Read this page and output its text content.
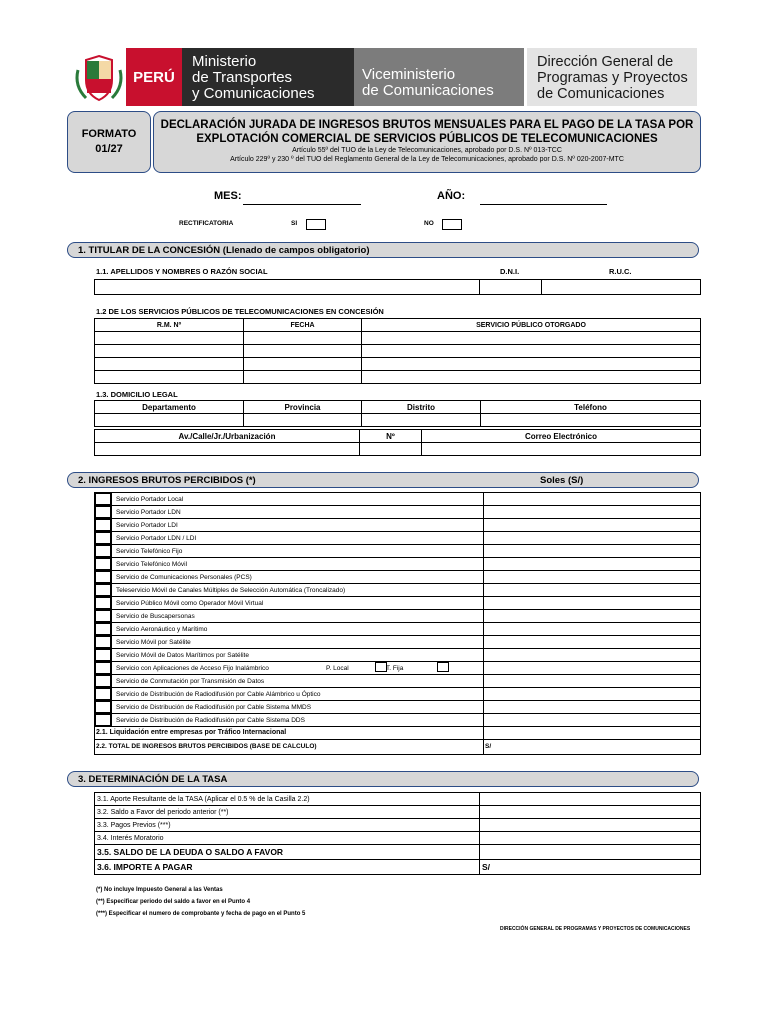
PERÚ
Ministerio
de Transportes
y Comunicaciones
Viceministerio
de Comunicaciones
Dirección General de
Programas y Proyectos
de Comunicaciones
FORMATO
01/27
DECLARACIÓN JURADA DE INGRESOS BRUTOS MENSUALES PARA EL PAGO DE LA TASA POR
EXPLOTACIÓN COMERCIAL DE SERVICIOS PÚBLICOS DE TELECOMUNICACIONES
Artículo 55º del TUO de la Ley de Telecomunicaciones, aprobado por D.S. Nº 013-TCC
Artículo 229º y 230 º del TUO del Reglamento General de la Ley de Telecomunicaciones, aprobado por D.S. Nº 020-2007-MTC
MES:	AÑO:
RECTIFICATORIA	SI	NO
1. TITULAR DE LA CONCESIÓN (Llenado de campos obligatorio)
1.1. APELLIDOS Y NOMBRES O RAZÓN SOCIAL	D.N.I.	R.U.C.

1.2 DE LOS SERVICIOS PÚBLICOS DE TELECOMUNICACIONES EN CONCESIÓN
R.M. Nº	FECHA	SERVICIO PÚBLICO OTORGADO

1.3. DOMICILIO LEGAL
Departamento	Provincia	Distrito	Teléfono

Av./Calle/Jr./Urbanización	Nº	Correo Electrónico

2. INGRESOS BRUTOS PERCIBIDOS (*)	Soles (S/)
	Servicio Portador Local	
	Servicio Portador LDN	
	Servicio Portador LDI	
	Servicio Portador LDN / LDI	
	Servicio Telefónico Fijo	
	Servicio Telefónico Móvil	
	Servicio de Comunicaciones Personales (PCS)	
	Teleservicio Móvil de Canales Múltiples de Selección Automática (Troncalizado)	
	Servicio Público Móvil como Operador Móvil Virtual	
	Servicio de Buscapersonas	
	Servicio Aeronáutico y Marítimo	
	Servicio Móvil por Satélite	
	Servicio Móvil de Datos Marítimos por Satélite	
	Servicio con Aplicaciones de Acceso Fijo Inalámbrico P. Local T. Fija	

	Servicio de Conmutación por Transmisión de Datos	
	Servicio de Distribución de Radiodifusión por Cable Alámbrico u Óptico	
	Servicio de Distribución de Radiodifusión por Cable Sistema MMDS	
	Servicio de Distribución de Radiodifusión por Cable Sistema DDS	
2.1. Liquidación entre empresas por Tráfico Internacional		
2.2. TOTAL DE INGRESOS BRUTOS PERCIBIDOS (BASE DE CALCULO)		S/
3. DETERMINACIÓN DE LA TASA
3.1. Aporte Resultante de la TASA (Aplicar el 0.5 % de la Casilla 2.2)	
3.2. Saldo a Favor del periodo anterior (**)	
3.3. Pagos Previos (***)	
3.4. Interés Moratorio	
3.5. SALDO DE LA DEUDA O SALDO A FAVOR	
3.6. IMPORTE A PAGAR	S/
(*) No incluye Impuesto General a las Ventas
(**) Especificar periodo del saldo a favor en el Punto 4
(***) Especificar el numero de comprobante y fecha de pago en el Punto 5
DIRECCIÓN GENERAL DE PROGRAMAS Y PROYECTOS DE COMUNICACIONES
